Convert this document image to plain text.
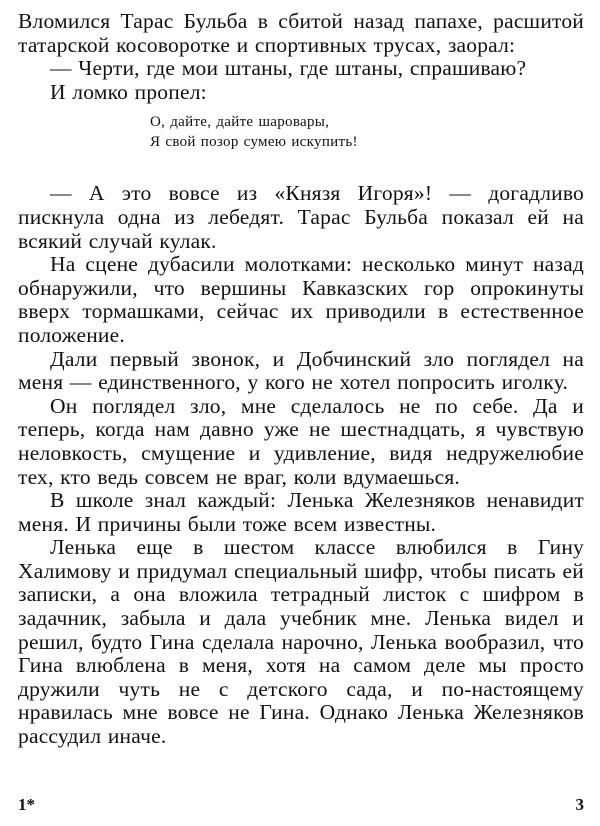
Вломился Тарас Бульба в сбитой назад папахе, расшитой татарской косоворотке и спортивных трусах, заорал:

— Черти, где мои штаны, где штаны, спрашиваю?

И ломко пропел:

О, дайте, дайте шаровары,
Я свой позор сумею искупить!

— А это вовсе из «Князя Игоря»! — догадливо пискнула одна из лебедят. Тарас Бульба показал ей на всякий случай кулак.

На сцене дубасили молотками: несколько минут назад обнаружили, что вершины Кавказских гор опрокинуты вверх тормашками, сейчас их приводили в естественное положение.

Дали первый звонок, и Добчинский зло поглядел на меня — единственного, у кого не хотел попросить иголку.

Он поглядел зло, мне сделалось не по себе. Да и теперь, когда нам давно уже не шестнадцать, я чувствую неловкость, смущение и удивление, видя недружелюбие тех, кто ведь совсем не враг, коли вдумаешься.

В школе знал каждый: Ленька Железняков ненавидит меня. И причины были тоже всем известны.

Ленька еще в шестом классе влюбился в Гину Халимову и придумал специальный шифр, чтобы писать ей записки, а она вложила тетрадный листок с шифром в задачник, забыла и дала учебник мне. Ленька видел и решил, будто Гина сделала нарочно, Ленька вообразил, что Гина влюблена в меня, хотя на самом деле мы просто дружили чуть не с детского сада, и по-настоящему нравилась мне вовсе не Гина. Однако Ленька Железняков рассудил иначе.

1*	3
